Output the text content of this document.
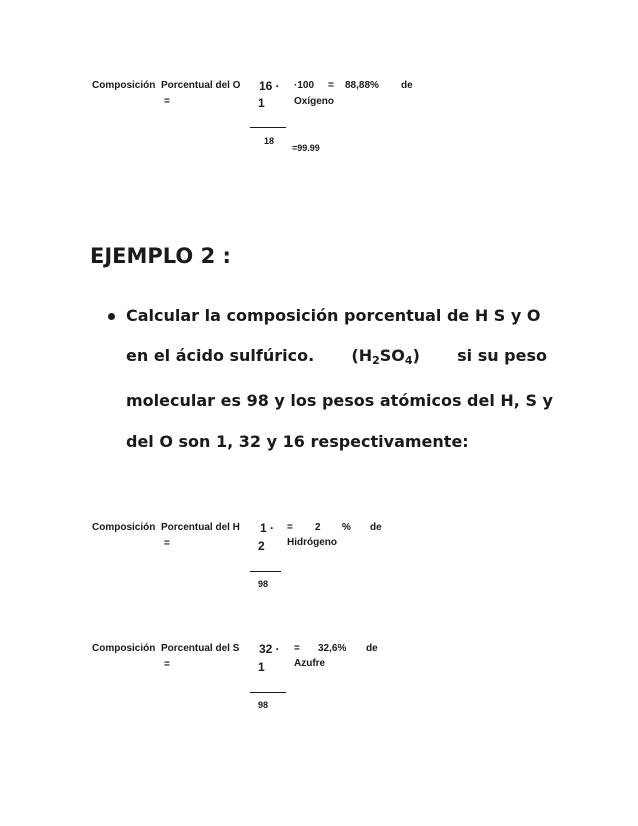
Composición Porcentual del O
=
16 ·
1
·100 = 88,88% de
Oxígeno
18
=99.99
EJEMPLO 2 :
Calcular la composición porcentual de H S y O
en el ácido sulfúrico. $(H_2SO_4)$ si su peso
molecular es 98 y los pesos atómicos del H, S y
del O son 1, 32 y 16 respectivamente:
Composición Porcentual del H
=
1 ·
2
= 2 % de
Hidrógeno
98
Composición Porcentual del S
=
32 ·
1
= 32,6% de
Azufre
98
